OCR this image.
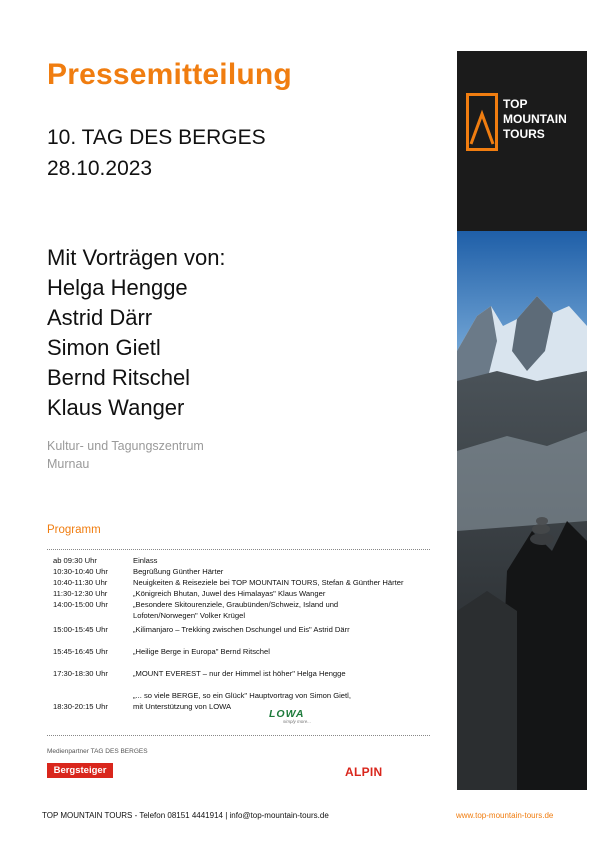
Pressemitteilung
10. TAG DES BERGES
28.10.2023
Mit Vorträgen von:
Helga Hengge
Astrid Därr
Simon Gietl
Bernd Ritschel
Klaus Wanger
Kultur- und Tagungszentrum
Murnau
Programm
ab 09:30 Uhr	Einlass
10:30-10:40 Uhr	Begrüßung Günther Härter
10:40-11:30 Uhr	Neuigkeiten & Reiseziele bei TOP MOUNTAIN TOURS, Stefan & Günther Härter
11:30-12:30 Uhr	„Königreich Bhutan, Juwel des Himalayas" Klaus Wanger
14:00-15:00 Uhr	„Besondere Skitourenziele, Graubünden/Schweiz, Island und
Lofoten/Norwegen" Volker Krügel
15:00-15:45 Uhr	„Kilimanjaro – Trekking zwischen Dschungel und Eis" Astrid Därr
15:45-16:45 Uhr	„Heilige Berge in Europa" Bernd Ritschel
17:30-18:30 Uhr	„MOUNT EVEREST – nur der Himmel ist höher" Helga Hengge
„... so viele BERGE, so ein Glück" Hauptvortrag von Simon Gietl,
18:30-20:15 Uhr	mit Unterstützung von LOWA
LOWA
simply more...
Medienpartner TAG DES BERGES
Bergsteiger	ALPIN
TOP MOUNTAIN TOURS - Telefon 08151 4441914 | info@top-mountain-tours.de	www.top-mountain-tours.de
TOP
MOUNTAIN
TOURS
